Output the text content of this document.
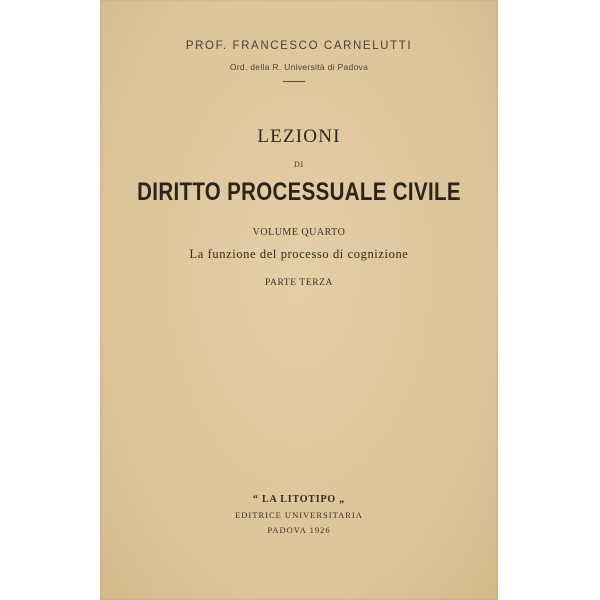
PROF. FRANCESCO CARNELUTTI
Ord. della R. Università di Padova
LEZIONI
DI
DIRITTO PROCESSUALE CIVILE
VOLUME QUARTO
La funzione del processo di cognizione
PARTE TERZA
“ LA LITOTIPO „
EDITRICE UNIVERSITARIA
PADOVA 1926
